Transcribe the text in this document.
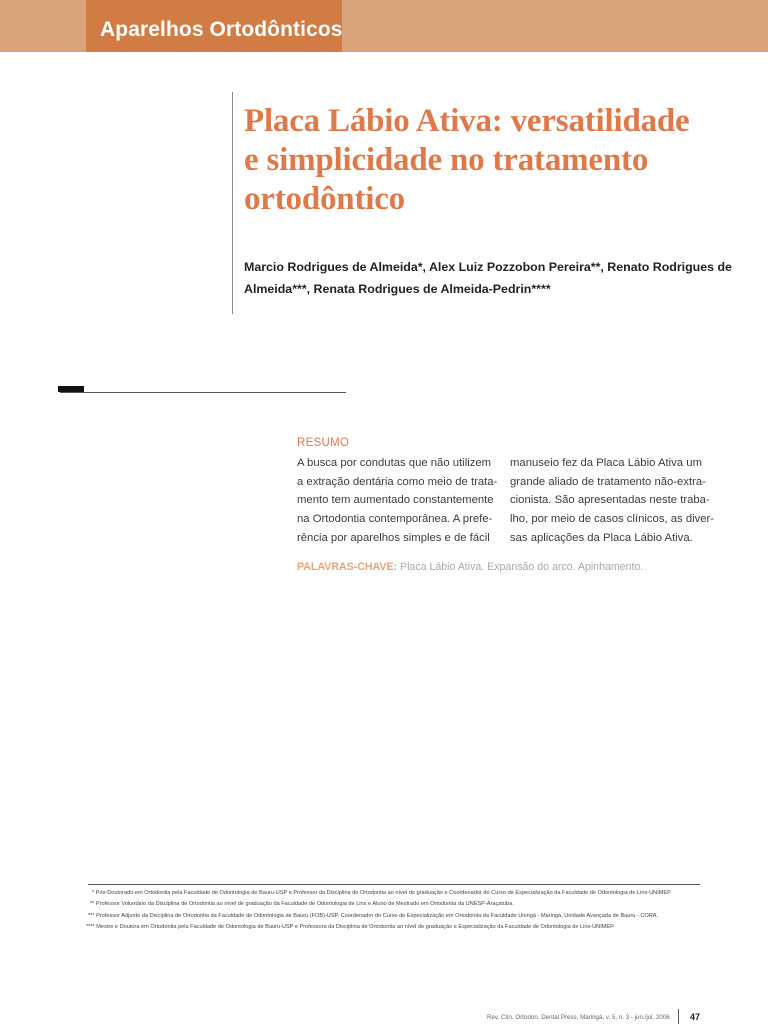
Aparelhos Ortodônticos
Placa Lábio Ativa: versatilidade
e simplicidade no tratamento
ortodôntico
Marcio Rodrigues de Almeida*, Alex Luiz Pozzobon Pereira**, Renato Rodrigues de
Almeida***, Renata Rodrigues de Almeida-Pedrin****
RESUMO
A busca por condutas que não utilizem
a extração dentária como meio de trata-
mento tem aumentado constantemente
na Ortodontia contemporânea. A prefe-
rência por aparelhos simples e de fácil
manuseio fez da Placa Lábio Ativa um
grande aliado de tratamento não-extra-
cionista. São apresentadas neste traba-
lho, por meio de casos clínicos, as diver-
sas aplicações da Placa Lábio Ativa.
PALAVRAS-CHAVE: Placa Lábio Ativa. Expansão do arco. Apinhamento.
* Pós-Doutorado em Ortodontia pela Faculdade de Odontologia de Bauru-USP e Professor da Disciplina de Ortodontia ao nível de graduação e Coordenador do Curso de Especialização da Faculdade de Odontologia de Lins-UNIMEP.
** Professor Voluntário da Disciplina de Ortodontia ao nível de graduação da Faculdade de Odontologia de Lins e Aluno de Mestrado em Ortodontia da UNESP-Araçatuba.
*** Professor Adjunto da Disciplina de Ortodontia da Faculdade de Odontologia de Bauru (FOB)-USP. Coordenador do Curso de Especialização em Ortodontia da Faculdade Uningá - Maringá, Unidade Avançada de Bauru - CORA.
**** Mestre e Doutora em Ortodontia pela Faculdade de Odontologia de Bauru-USP e Professora da Disciplina de Ortodontia ao nível de graduação e Especialização da Faculdade de Odontologia de Lins-UNIMEP.
Rev. Clín. Ortodon. Dental Press, Maringá, v. 5, n. 3 - jun./jul. 2006 47
